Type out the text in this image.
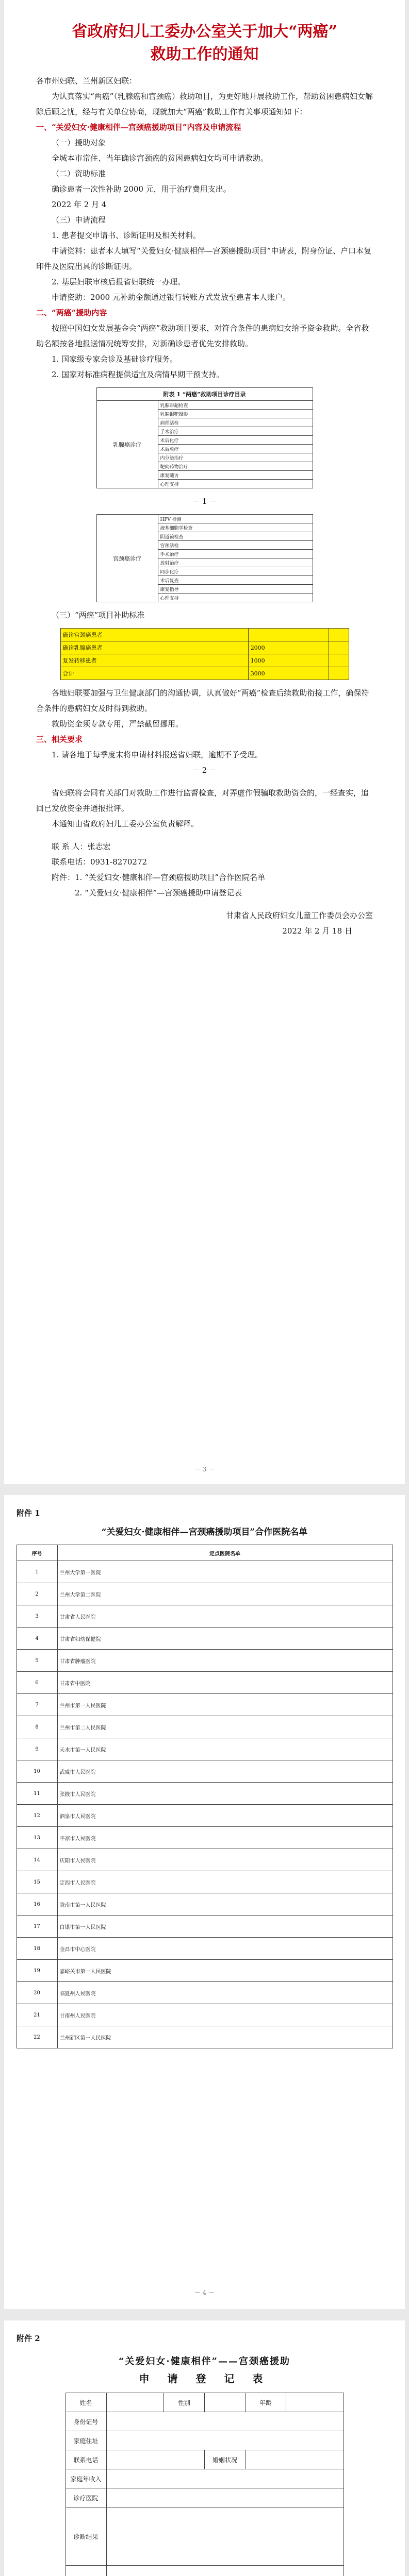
省政府妇儿工委办公室关于加大“两癌”
救助工作的通知

各市州妇联、兰州新区妇联：

为认真落实“两癌”（乳腺癌和宫颈癌）救助项目，为更好地开展救助工作，帮助贫困患病妇女解除后顾之忧，经与有关单位协商，现就加大“两癌”救助工作有关事项通知如下：

一、“关爱妇女·健康相伴—宫颈癌援助项目”内容及申请流程

（一）援助对象

全城本市常住、当年确诊宫颈癌的贫困患病妇女均可申请救助。

（二）资助标准

确诊患者一次性补助 2000 元，用于治疗费用支出。

2022 年 2 月 4

（三）申请流程

1. 患者提交申请书、诊断证明及相关材料。

申请资料：患者本人填写“关爱妇女·健康相伴—宫颈癌援助项目”申请表，附身份证、户口本复印件及医院出具的诊断证明。

2. 基层妇联审核后报省妇联统一办理。

申请资助：2000 元补助金额通过银行转账方式发放至患者本人账户。

二、“两癌”援助内容

按照中国妇女发展基金会“两癌”救助项目要求，对符合条件的患病妇女给予资金救助。全省救助名额按各地报送情况统筹安排，对新确诊患者优先安排救助。

1. 国家级专家会诊及基础诊疗服务。

2. 国家对标准病程提供适宜及病情早期干预支持。

附表 1 “两癌”救助项目诊疗目录
乳腺癌诊疗	乳腺彩超检查
乳腺钼靶摄影
病理活检
手术治疗
术后化疗
术后放疗
内分泌治疗
靶向药物治疗
康复随访
心理支持

－ 1 －

宫颈癌诊疗	HPV 检测
液基细胞学检查
阴道镜检查
宫颈活检
手术治疗
放射治疗
同步化疗
术后复查
康复指导
心理支持

（三）“两癌”项目补助标准

确诊宫颈癌患者		
确诊乳腺癌患者	2000	
复发转移患者	1000	
合计	3000	

各地妇联要加强与卫生健康部门的沟通协调，认真做好“两癌”检查后续救助衔接工作，确保符合条件的患病妇女及时得到救助。

救助资金须专款专用，严禁截留挪用。

三、相关要求

1. 请各地于每季度末将申请材料报送省妇联，逾期不予受理。

－ 2 －

省妇联将会同有关部门对救助工作进行监督检查，对弄虚作假骗取救助资金的，一经查实，追回已发放资金并通报批评。

本通知由省政府妇儿工委办公室负责解释。

联 系 人：张志宏

联系电话：0931-8270272

附件：1. “关爱妇女·健康相伴—宫颈癌援助项目”合作医院名单

2. “关爱妇女·健康相伴”—宫颈癌援助申请登记表

甘肃省人民政府妇女儿童工作委员会办公室

2022 年 2 月 18 日

－ 3 －
附件 1
“关爱妇女·健康相伴—宫颈癌援助项目”合作医院名单
序号	定点医院名单
1	兰州大学第一医院
2	兰州大学第二医院
3	甘肃省人民医院
4	甘肃省妇幼保健院
5	甘肃省肿瘤医院
6	甘肃省中医院
7	兰州市第一人民医院
8	兰州市第二人民医院
9	天水市第一人民医院
10	武威市人民医院
11	张掖市人民医院
12	酒泉市人民医院
13	平凉市人民医院
14	庆阳市人民医院
15	定西市人民医院
16	陇南市第一人民医院
17	白银市第一人民医院
18	金昌市中心医院
19	嘉峪关市第一人民医院
20	临夏州人民医院
21	甘南州人民医院
22	兰州新区第一人民医院
－ 4 －
附件 2
“关爱妇女·健康相伴”——宫颈癌援助
申 请 登 记 表
姓名		性别		年龄	
身份证号					
家庭住址					
联系电话			婚姻状况		
家庭年收入					
诊疗医院					
诊断结果					
